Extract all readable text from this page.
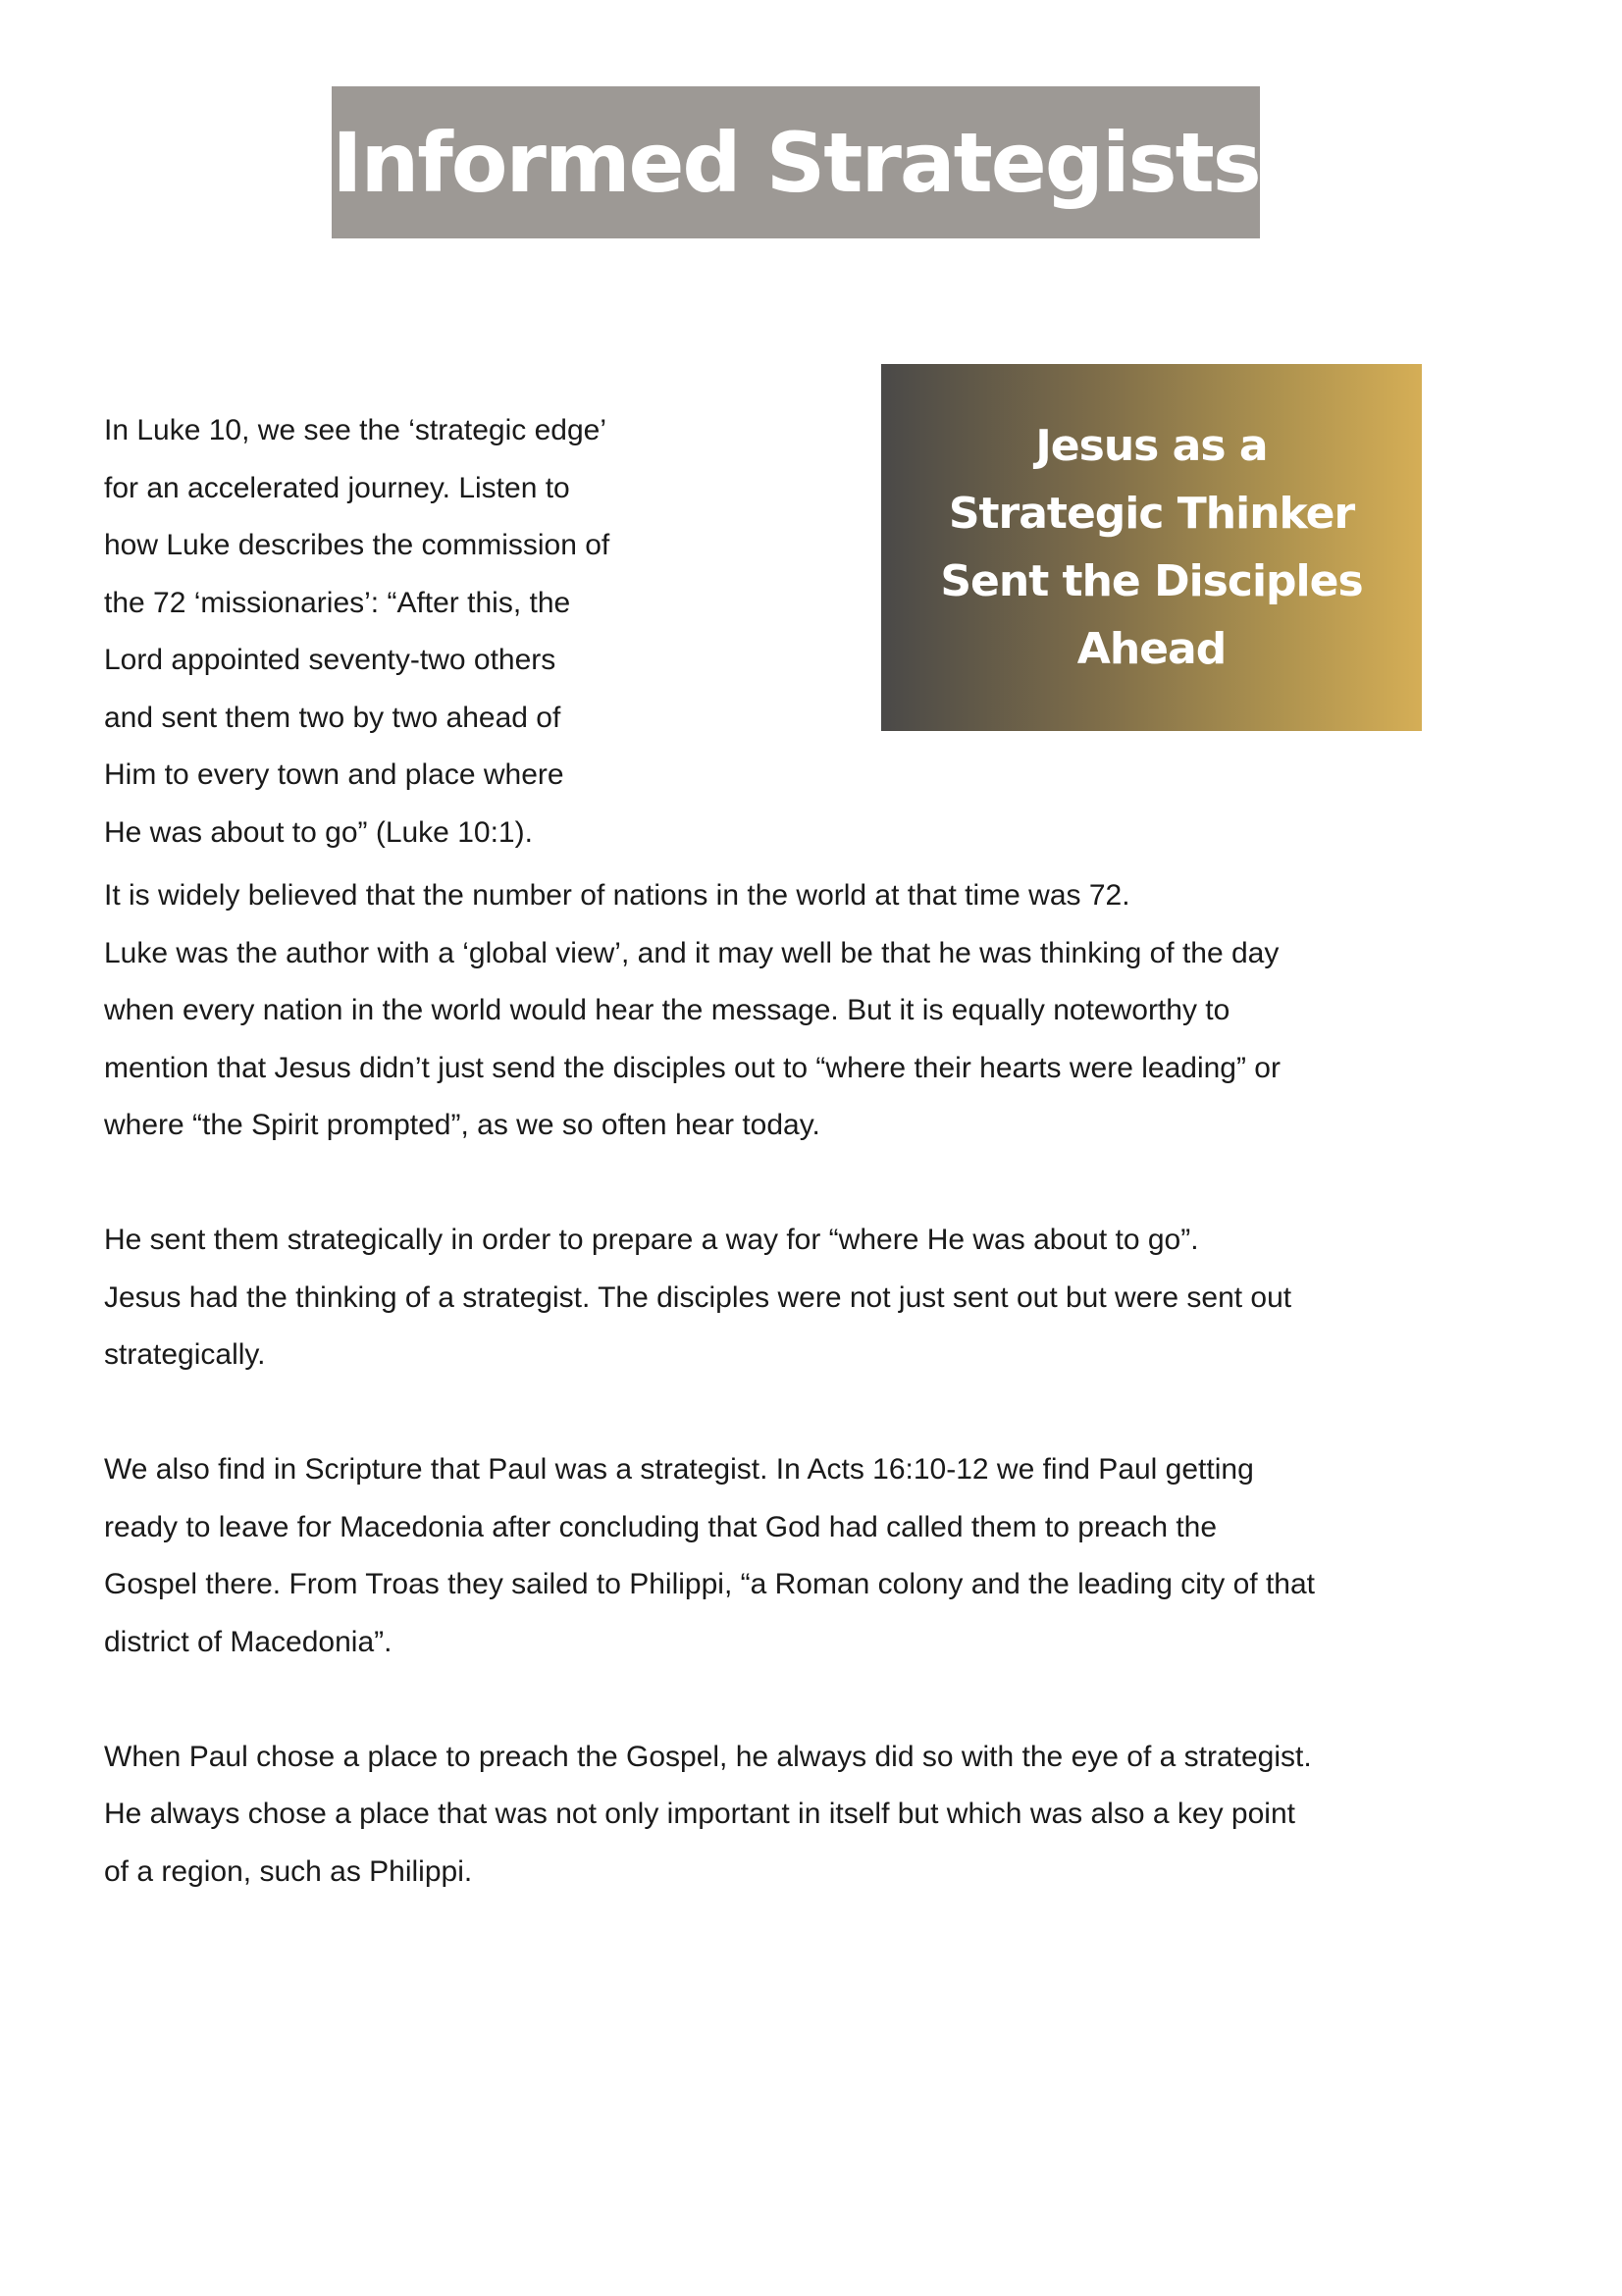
Informed Strategists
Jesus as a
Strategic Thinker
Sent the Disciples
Ahead
In Luke 10, we see the ‘strategic edge’
for an accelerated journey. Listen to
how Luke describes the commission of
the 72 ‘missionaries’: “After this, the
Lord appointed seventy-two others
and sent them two by two ahead of
Him to every town and place where
He was about to go” (Luke 10:1).
It is widely believed that the number of nations in the world at that time was 72.
Luke was the author with a ‘global view’, and it may well be that he was thinking of the day
when every nation in the world would hear the message. But it is equally noteworthy to
mention that Jesus didn’t just send the disciples out to “where their hearts were leading” or
where “the Spirit prompted”, as we so often hear today.
He sent them strategically in order to prepare a way for “where He was about to go”.
Jesus had the thinking of a strategist. The disciples were not just sent out but were sent out
strategically.
We also find in Scripture that Paul was a strategist. In Acts 16:10-12 we find Paul getting
ready to leave for Macedonia after concluding that God had called them to preach the
Gospel there. From Troas they sailed to Philippi, “a Roman colony and the leading city of that
district of Macedonia”.
When Paul chose a place to preach the Gospel, he always did so with the eye of a strategist.
He always chose a place that was not only important in itself but which was also a key point
of a region, such as Philippi.
